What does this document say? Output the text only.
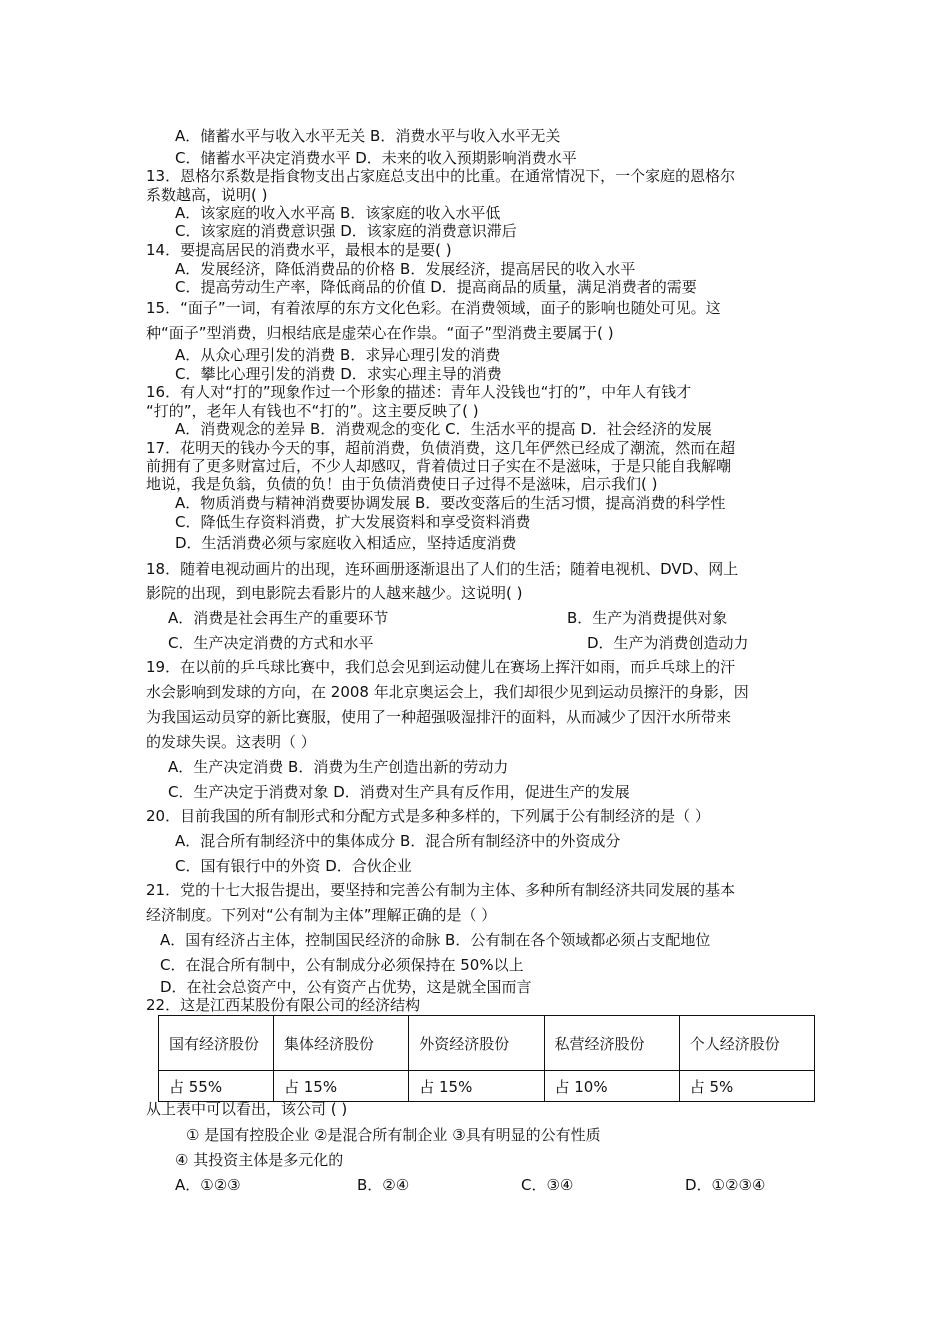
A．储蓄水平与收入水平无关 B．消费水平与收入水平无关
C．储蓄水平决定消费水平 D．未来的收入预期影响消费水平
13．恩格尔系数是指食物支出占家庭总支出中的比重。在通常情况下，一个家庭的恩格尔
系数越高，说明( )
A．该家庭的收入水平高 B．该家庭的收入水平低
C．该家庭的消费意识强 D．该家庭的消费意识滞后
14．要提高居民的消费水平，最根本的是要( )
A．发展经济，降低消费品的价格 B．发展经济，提高居民的收入水平
C．提高劳动生产率，降低商品的价值 D．提高商品的质量，满足消费者的需要
15．“面子”一词，有着浓厚的东方文化色彩。在消费领域，面子的影响也随处可见。这
种“面子”型消费，归根结底是虚荣心在作祟。“面子”型消费主要属于( )
A．从众心理引发的消费 B．求异心理引发的消费
C．攀比心理引发的消费 D．求实心理主导的消费
16．有人对“打的”现象作过一个形象的描述：青年人没钱也“打的”，中年人有钱才
“打的”，老年人有钱也不“打的”。这主要反映了( )
A．消费观念的差异 B．消费观念的变化 C．生活水平的提高 D．社会经济的发展
17．花明天的钱办今天的事，超前消费，负债消费，这几年俨然已经成了潮流，然而在超
前拥有了更多财富过后，不少人却感叹，背着债过日子实在不是滋味，于是只能自我解嘲
地说，我是负翁，负债的负！由于负债消费使日子过得不是滋味，启示我们( )
A．物质消费与精神消费要协调发展 B．要改变落后的生活习惯，提高消费的科学性
C．降低生存资料消费，扩大发展资料和享受资料消费
D．生活消费必须与家庭收入相适应，坚持适度消费
18．随着电视动画片的出现，连环画册逐渐退出了人们的生活；随着电视机、DVD、网上
影院的出现，到电影院去看影片的人越来越少。这说明( )
A．消费是社会再生产的重要环节	B．生产为消费提供对象
C．生产决定消费的方式和水平	D．生产为消费创造动力
19．在以前的乒乓球比赛中，我们总会见到运动健儿在赛场上挥汗如雨，而乒乓球上的汗
水会影响到发球的方向，在 2008 年北京奥运会上，我们却很少见到运动员擦汗的身影，因
为我国运动员穿的新比赛服，使用了一种超强吸湿排汗的面料，从而减少了因汗水所带来
的发球失误。这表明（ ）
A．生产决定消费 B．消费为生产创造出新的劳动力
C．生产决定于消费对象 D．消费对生产具有反作用，促进生产的发展
20．目前我国的所有制形式和分配方式是多种多样的，下列属于公有制经济的是（ ）
A．混合所有制经济中的集体成分 B．混合所有制经济中的外资成分
C．国有银行中的外资 D．合伙企业
21．党的十七大报告提出，要坚持和完善公有制为主体、多种所有制经济共同发展的基本
经济制度。下列对“公有制为主体”理解正确的是（ ）
A．国有经济占主体，控制国民经济的命脉 B．公有制在各个领域都必须占支配地位
C．在混合所有制中，公有制成分必须保持在 50%以上
D．在社会总资产中，公有资产占优势，这是就全国而言
22．这是江西某股份有限公司的经济结构
国有经济股份	集体经济股份	外资经济股份	私营经济股份	个人经济股份
占 55%	占 15%	占 15%	占 10%	占 5%
从上表中可以看出，该公司 ( )
① 是国有控股企业 ②是混合所有制企业 ③具有明显的公有性质
④ 其投资主体是多元化的
A．①②③	B．②④	C．③④	D．①②③④
